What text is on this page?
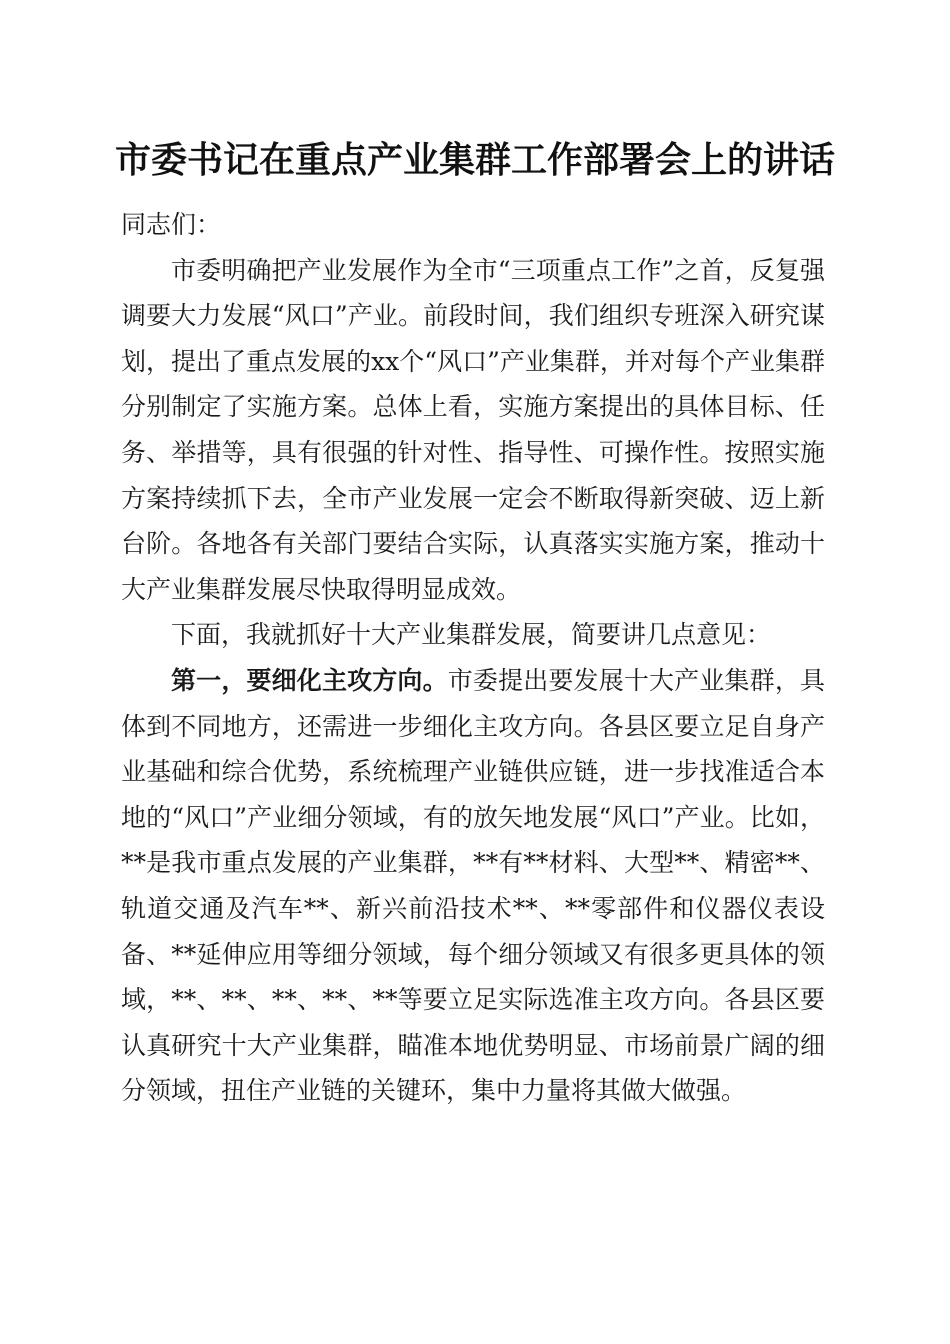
市委书记在重点产业集群工作部署会上的讲话

同志们：

市委明确把产业发展作为全市“三项重点工作”之首，反复强调要大力发展“风口”产业。前段时间，我们组织专班深入研究谋划，提出了重点发展的xx个“风口”产业集群，并对每个产业集群分别制定了实施方案。总体上看，实施方案提出的具体目标、任务、举措等，具有很强的针对性、指导性、可操作性。按照实施方案持续抓下去，全市产业发展一定会不断取得新突破、迈上新台阶。各地各有关部门要结合实际，认真落实实施方案，推动十大产业集群发展尽快取得明显成效。

下面，我就抓好十大产业集群发展，简要讲几点意见：

第一，要细化主攻方向。市委提出要发展十大产业集群，具体到不同地方，还需进一步细化主攻方向。各县区要立足自身产业基础和综合优势，系统梳理产业链供应链，进一步找准适合本地的“风口”产业细分领域，有的放矢地发展“风口”产业。比如，**是我市重点发展的产业集群，**有**材料、大型**、精密**、轨道交通及汽车**、新兴前沿技术**、**零部件和仪器仪表设备、**延伸应用等细分领域，每个细分领域又有很多更具体的领域，**、**、**、**、**等要立足实际选准主攻方向。各县区要认真研究十大产业集群，瞄准本地优势明显、市场前景广阔的细分领域，扭住产业链的关键环，集中力量将其做大做强。
